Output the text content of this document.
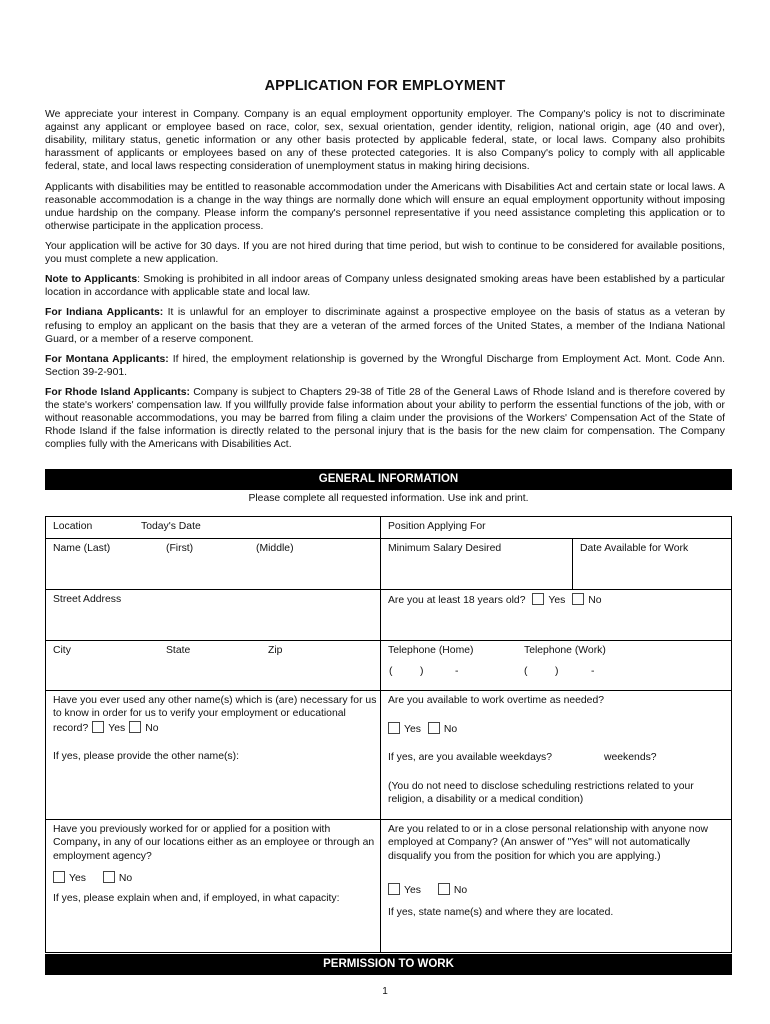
APPLICATION FOR EMPLOYMENT

We appreciate your interest in Company. Company is an equal employment opportunity employer. The Company's policy is not to discriminate against any applicant or employee based on race, color, sex, sexual orientation, gender identity, religion, national origin, age (40 and over), disability, military status, genetic information or any other basis protected by applicable federal, state, or local laws. Company also prohibits harassment of applicants or employees based on any of these protected categories. It is also Company's policy to comply with all applicable federal, state, and local laws respecting consideration of unemployment status in making hiring decisions.

Applicants with disabilities may be entitled to reasonable accommodation under the Americans with Disabilities Act and certain state or local laws. A reasonable accommodation is a change in the way things are normally done which will ensure an equal employment opportunity without imposing undue hardship on the company. Please inform the company's personnel representative if you need assistance completing this application or to otherwise participate in the application process.

Your application will be active for 30 days. If you are not hired during that time period, but wish to continue to be considered for available positions, you must complete a new application.

Note to Applicants: Smoking is prohibited in all indoor areas of Company unless designated smoking areas have been established by a particular location in accordance with applicable state and local law.

For Indiana Applicants: It is unlawful for an employer to discriminate against a prospective employee on the basis of status as a veteran by refusing to employ an applicant on the basis that they are a veteran of the armed forces of the United States, a member of the Indiana National Guard, or a member of a reserve component.

For Montana Applicants: If hired, the employment relationship is governed by the Wrongful Discharge from Employment Act. Mont. Code Ann. Section 39-2-901.

For Rhode Island Applicants: Company is subject to Chapters 29-38 of Title 28 of the General Laws of Rhode Island and is therefore covered by the state's workers' compensation law. If you willfully provide false information about your ability to perform the essential functions of the job, with or without reasonable accommodations, you may be barred from filing a claim under the provisions of the Workers' Compensation Act of the State of Rhode Island if the false information is directly related to the personal injury that is the basis for the new claim for compensation. The Company complies fully with the Americans with Disabilities Act.

GENERAL INFORMATION
Please complete all requested information. Use ink and print.
Location	Today's Date	Position Applying For
Name (Last)	(First)	(Middle)	Minimum Salary Desired	Date Available for Work
Street Address	Are you at least 18 years old? Yes No
City	State	Zip	Telephone (Home)	Telephone (Work)
(	)	-	(	)	-
Have you ever used any other name(s) which is (are) necessary for us to know in order for us to verify your employment or educational record? Yes No
If yes, please provide the other name(s):
Are you available to work overtime as needed?
Yes No
If yes, are you available weekdays?	weekends?
(You do not need to disclose scheduling restrictions related to your religion, a disability or a medical condition)
Have you previously worked for or applied for a position with Company, in any of our locations either as an employee or through an employment agency?
Yes	No
If yes, please explain when and, if employed, in what capacity:
Are you related to or in a close personal relationship with anyone now employed at Company? (An answer of "Yes" will not automatically disqualify you from the position for which you are applying.)
Yes	No
If yes, state name(s) and where they are located.
PERMISSION TO WORK
1
